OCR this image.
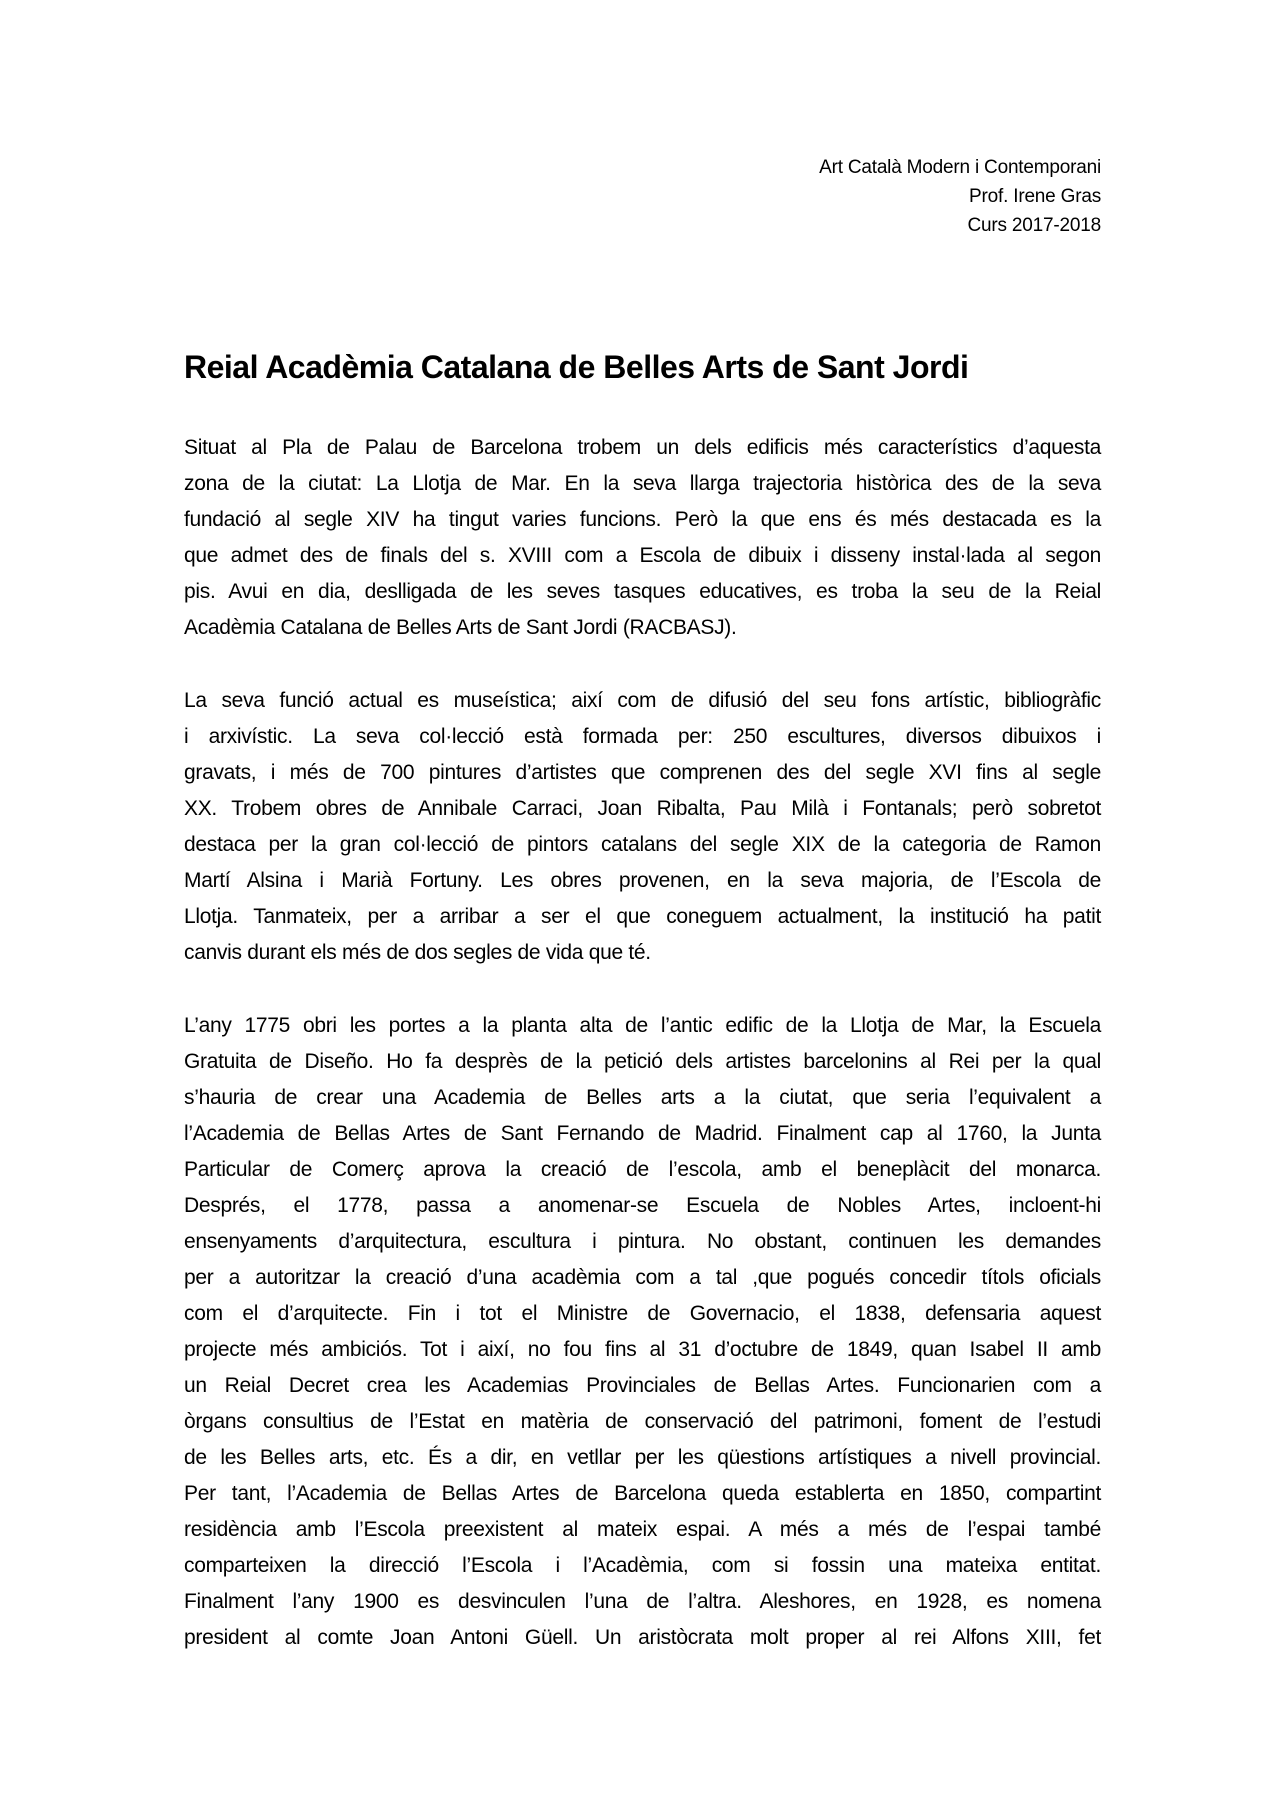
Art Català Modern i Contemporani
Prof. Irene Gras
Curs 2017-2018
Reial Acadèmia Catalana de Belles Arts de Sant Jordi

Situat al Pla de Palau de Barcelona trobem un dels edificis més característics d’aquesta
zona de la ciutat: La Llotja de Mar. En la seva llarga trajectoria històrica des de la seva
fundació al segle XIV ha tingut varies funcions. Però la que ens és més destacada es la
que admet des de finals del s. XVIII com a Escola de dibuix i disseny instal·lada al segon
pis. Avui en dia, deslligada de les seves tasques educatives, es troba la seu de la Reial
Acadèmia Catalana de Belles Arts de Sant Jordi (RACBASJ).

La seva funció actual es museística; així com de difusió del seu fons artístic, bibliogràfic
i arxivístic. La seva col·lecció està formada per: 250 escultures, diversos dibuixos i
gravats, i més de 700 pintures d’artistes que comprenen des del segle XVI fins al segle
XX. Trobem obres de Annibale Carraci, Joan Ribalta, Pau Milà i Fontanals; però sobretot
destaca per la gran col·lecció de pintors catalans del segle XIX de la categoria de Ramon
Martí Alsina i Marià Fortuny. Les obres provenen, en la seva majoria, de l’Escola de
Llotja. Tanmateix, per a arribar a ser el que coneguem actualment, la institució ha patit
canvis durant els més de dos segles de vida que té.

L’any 1775 obri les portes a la planta alta de l’antic edific de la Llotja de Mar, la Escuela
Gratuita de Diseño. Ho fa desprès de la petició dels artistes barcelonins al Rei per la qual
s’hauria de crear una Academia de Belles arts a la ciutat, que seria l’equivalent a
l’Academia de Bellas Artes de Sant Fernando de Madrid. Finalment cap al 1760, la Junta
Particular de Comerç aprova la creació de l’escola, amb el beneplàcit del monarca.
Després, el 1778, passa a anomenar-se Escuela de Nobles Artes, incloent-hi
ensenyaments d’arquitectura, escultura i pintura. No obstant, continuen les demandes
per a autoritzar la creació d’una acadèmia com a tal ,que pogués concedir títols oficials
com el d’arquitecte. Fin i tot el Ministre de Governacio, el 1838, defensaria aquest
projecte més ambiciós. Tot i així, no fou fins al 31 d’octubre de 1849, quan Isabel II amb
un Reial Decret crea les Academias Provinciales de Bellas Artes. Funcionarien com a
òrgans consultius de l’Estat en matèria de conservació del patrimoni, foment de l’estudi
de les Belles arts, etc. És a dir, en vetllar per les qüestions artístiques a nivell provincial.
Per tant, l’Academia de Bellas Artes de Barcelona queda establerta en 1850, compartint
residència amb l’Escola preexistent al mateix espai. A més a més de l’espai també
comparteixen la direcció l’Escola i l’Acadèmia, com si fossin una mateixa entitat.
Finalment l’any 1900 es desvinculen l’una de l’altra. Aleshores, en 1928, es nomena
president al comte Joan Antoni Güell. Un aristòcrata molt proper al rei Alfons XIII, fet
